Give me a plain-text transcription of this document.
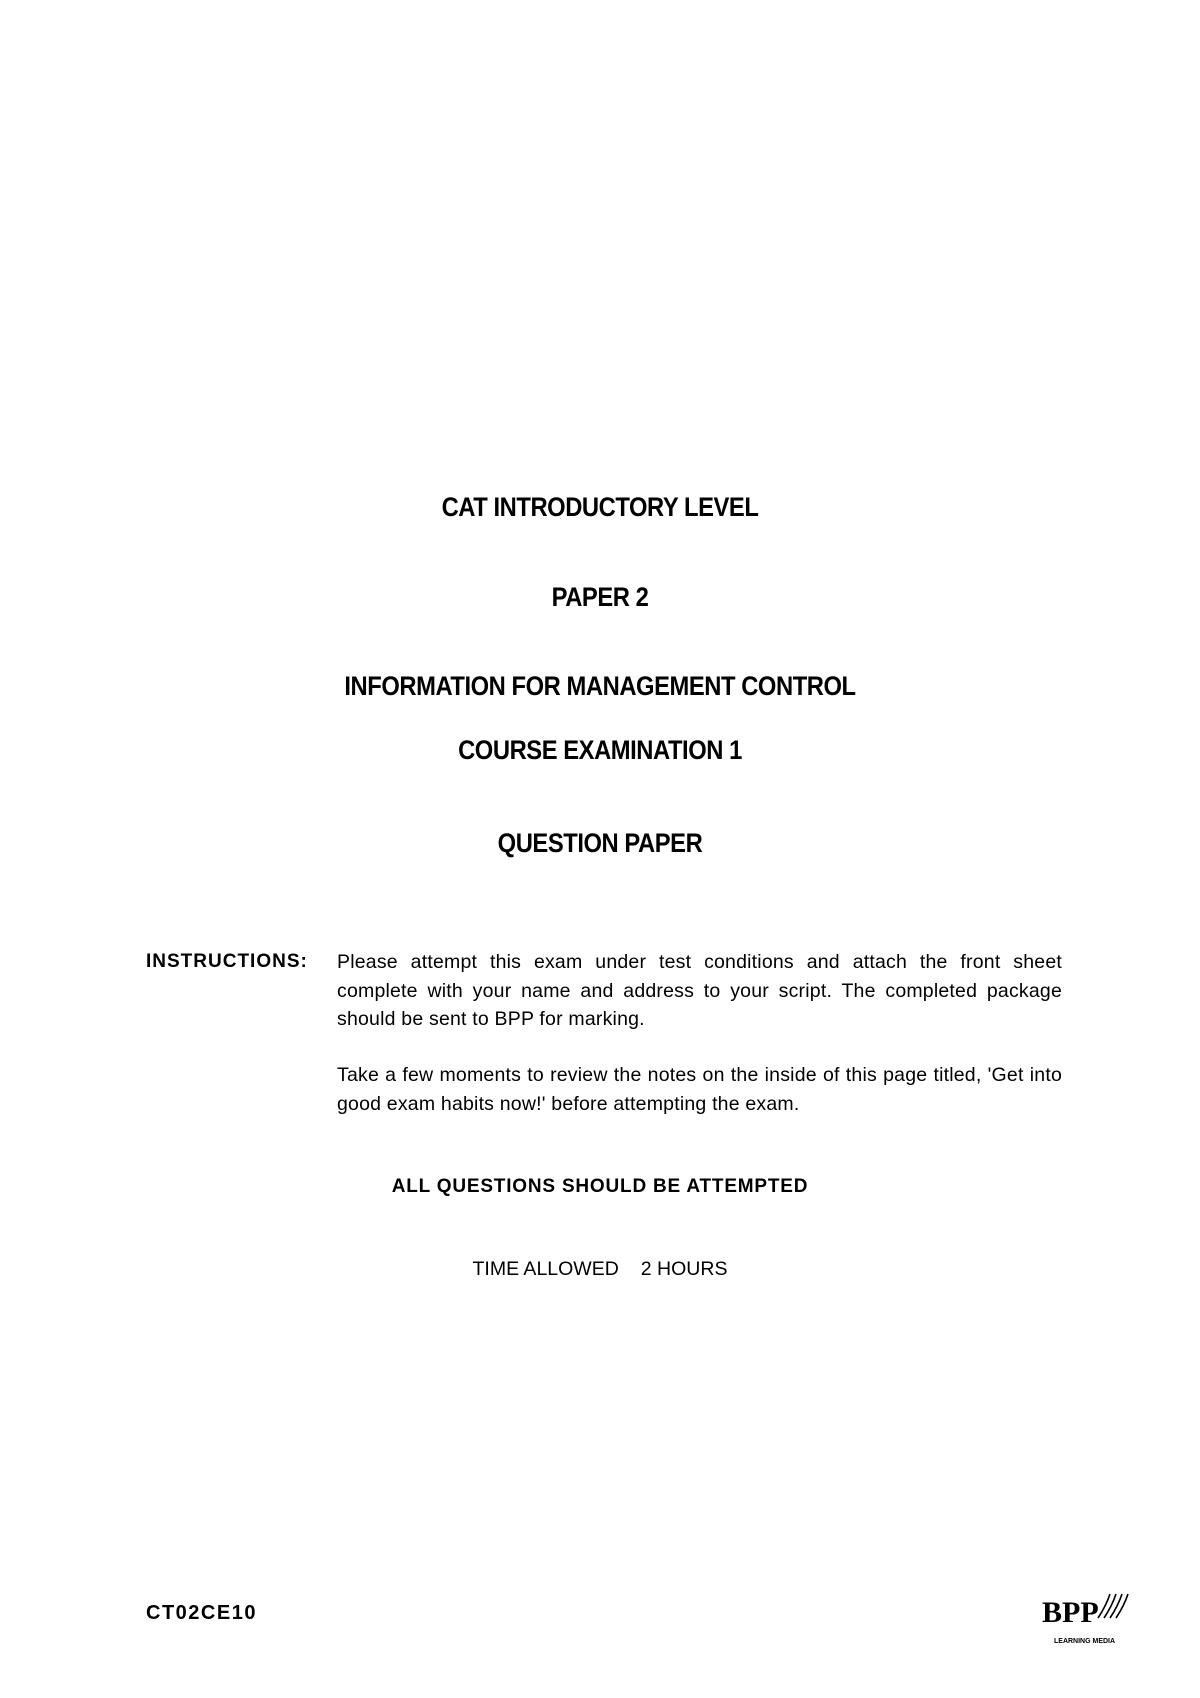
CAT INTRODUCTORY LEVEL
PAPER 2
INFORMATION FOR MANAGEMENT CONTROL
COURSE EXAMINATION 1
QUESTION PAPER
INSTRUCTIONS: Please attempt this exam under test conditions and attach the front sheet complete with your name and address to your script. The completed package should be sent to BPP for marking.
Take a few moments to review the notes on the inside of this page titled, 'Get into good exam habits now!' before attempting the exam.
ALL QUESTIONS SHOULD BE ATTEMPTED
TIME ALLOWED 2 HOURS
CT02CE10	BPP
LEARNING MEDIA
